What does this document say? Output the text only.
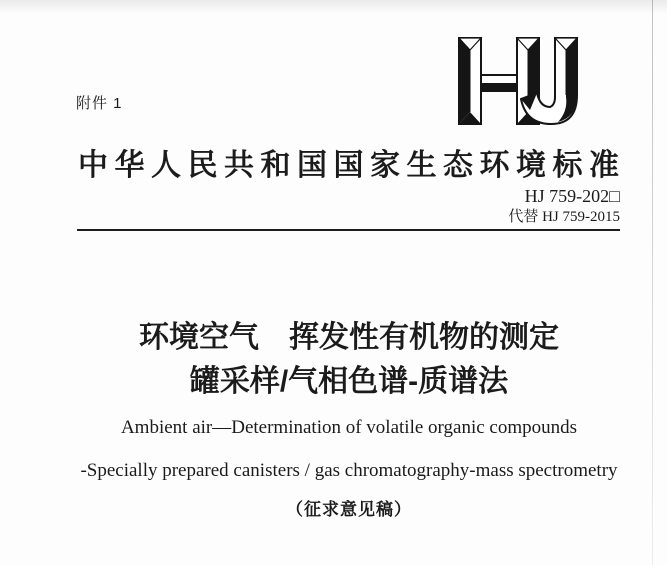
附件 1
中华人民共和国国家生态环境标准
HJ 759-202□
代替 HJ 759-2015
环境空气 挥发性有机物的测定
罐采样/气相色谱-质谱法
Ambient air—Determination of volatile organic compounds
-Specially prepared canisters / gas chromatography-mass spectrometry
（征求意见稿）
